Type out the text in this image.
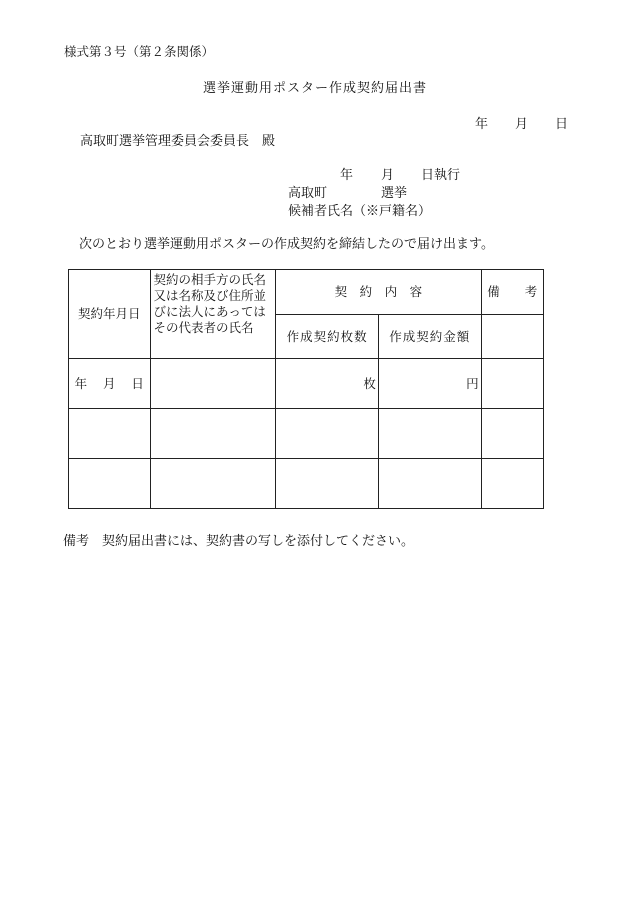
様式第３号（第２条関係）
選挙運動用ポスター作成契約届出書
年 月 日
高取町選挙管理委員会委員長　殿
年 月 日執行
高取町	選挙
候補者氏名（※戸籍名）
次のとおり選挙運動用ポスターの作成契約を締結したので届け出ます。
契約年月日	契約の相手方の氏名又は名称及び住所並びに法人にあってはその代表者の氏名	契　約　内　容		備　　考
		作成契約枚数	作成契約金額	
年 月 日		枚	円	

備考　契約届出書には、契約書の写しを添付してください。
